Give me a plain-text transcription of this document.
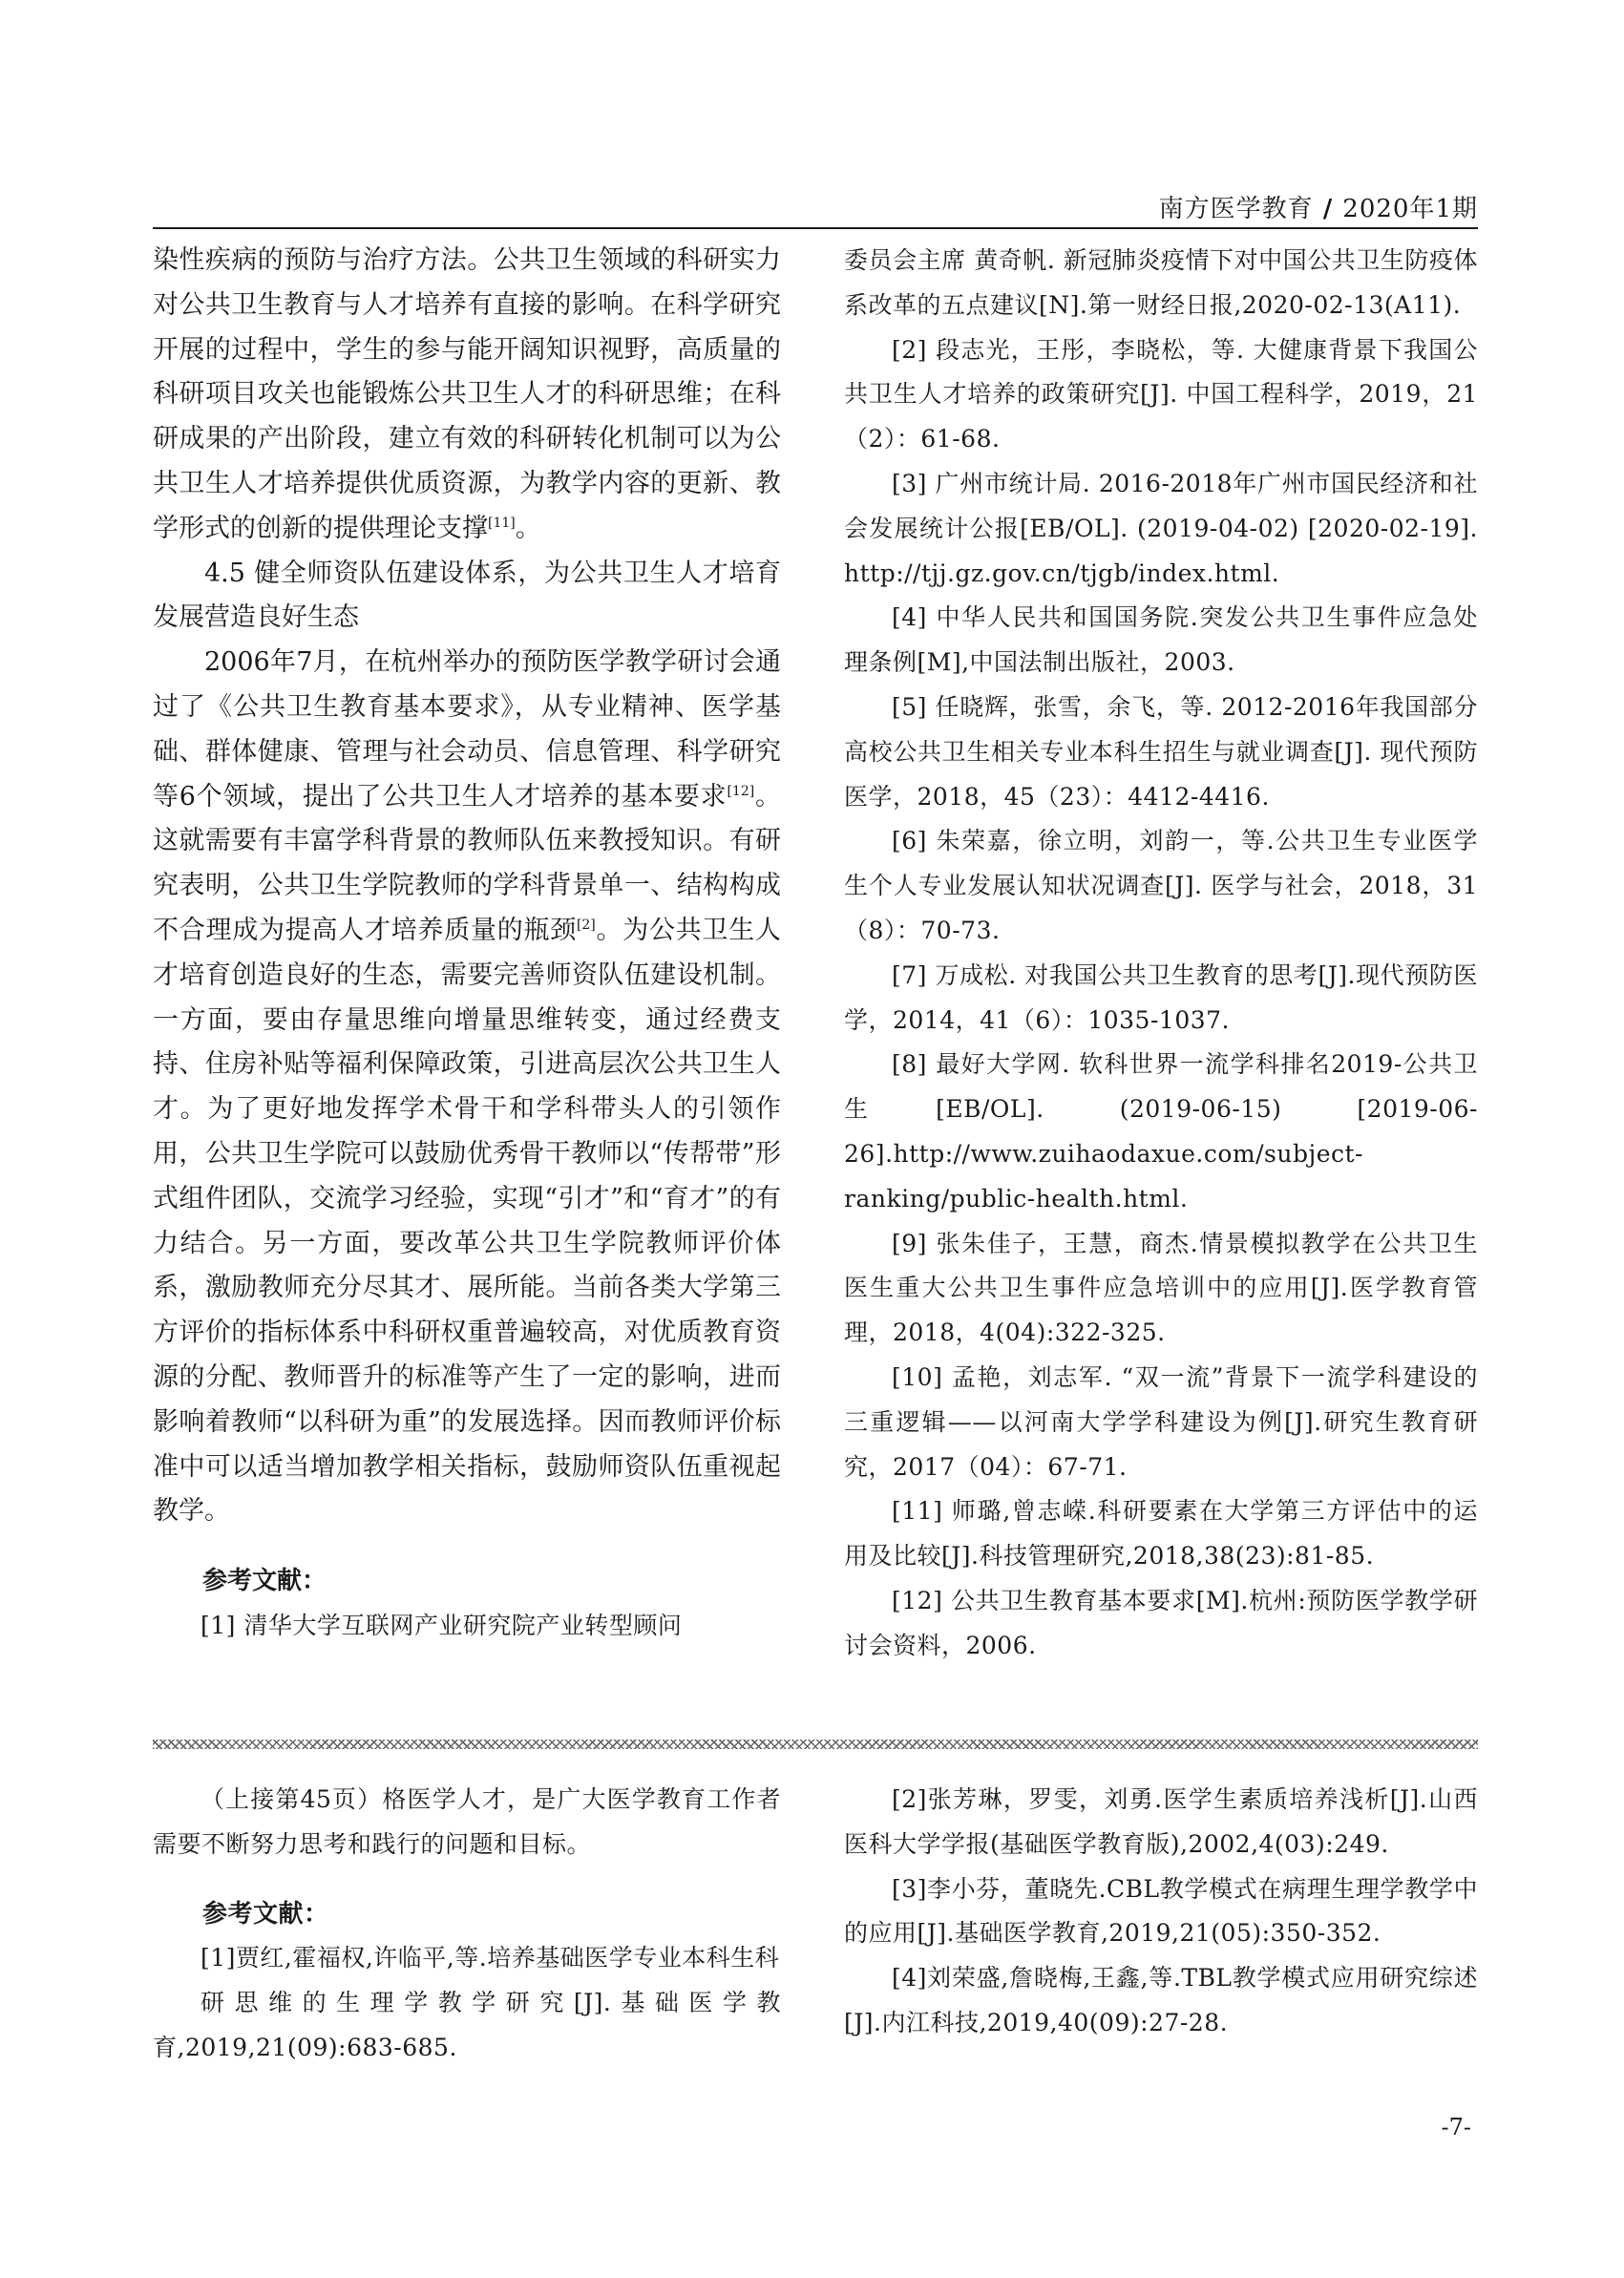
南方医学教育 / 2020年1期

染性疾病的预防与治疗方法。公共卫生领域的科研实力对公共卫生教育与人才培养有直接的影响。在科学研究开展的过程中，学生的参与能开阔知识视野，高质量的科研项目攻关也能锻炼公共卫生人才的科研思维；在科研成果的产出阶段，建立有效的科研转化机制可以为公共卫生人才培养提供优质资源，为教学内容的更新、教学形式的创新的提供理论支撑[11]。

4.5 健全师资队伍建设体系，为公共卫生人才培育发展营造良好生态

2006年7月，在杭州举办的预防医学教学研讨会通过了《公共卫生教育基本要求》，从专业精神、医学基础、群体健康、管理与社会动员、信息管理、科学研究等6个领域，提出了公共卫生人才培养的基本要求[12]。这就需要有丰富学科背景的教师队伍来教授知识。有研究表明，公共卫生学院教师的学科背景单一、结构构成不合理成为提高人才培养质量的瓶颈[2]。为公共卫生人才培育创造良好的生态，需要完善师资队伍建设机制。一方面，要由存量思维向增量思维转变，通过经费支持、住房补贴等福利保障政策，引进高层次公共卫生人才。为了更好地发挥学术骨干和学科带头人的引领作用，公共卫生学院可以鼓励优秀骨干教师以“传帮带”形式组件团队，交流学习经验，实现“引才”和“育才”的有力结合。另一方面，要改革公共卫生学院教师评价体系，激励教师充分尽其才、展所能。当前各类大学第三方评价的指标体系中科研权重普遍较高，对优质教育资源的分配、教师晋升的标准等产生了一定的影响，进而影响着教师“以科研为重”的发展选择。因而教师评价标准中可以适当增加教学相关指标，鼓励师资队伍重视起教学。

参考文献：

[1] 清华大学互联网产业研究院产业转型顾问

委员会主席 黄奇帆. 新冠肺炎疫情下对中国公共卫生防疫体系改革的五点建议[N].第一财经日报,2020-02-13(A11).

[2] 段志光，王彤，李晓松，等. 大健康背景下我国公共卫生人才培养的政策研究[J]. 中国工程科学，2019，21（2）：61-68.

[3] 广州市统计局. 2016-2018年广州市国民经济和社会发展统计公报[EB/OL]. (2019-04-02) [2020-02-19]. http://tjj.gz.gov.cn/tjgb/index.html.

[4] 中华人民共和国国务院.突发公共卫生事件应急处理条例[M],中国法制出版社，2003.

[5] 任晓辉，张雪，余飞，等. 2012-2016年我国部分高校公共卫生相关专业本科生招生与就业调查[J]. 现代预防医学，2018，45（23）：4412-4416.

[6] 朱荣嘉，徐立明，刘韵一，等.公共卫生专业医学生个人专业发展认知状况调查[J]. 医学与社会，2018，31（8）：70-73.

[7] 万成松. 对我国公共卫生教育的思考[J].现代预防医学，2014，41（6）：1035-1037.

[8] 最好大学网. 软科世界一流学科排名2019-公共卫生[EB/OL]. (2019-06-15) [2019-06-26].http://www.zuihaodaxue.com/subject-ranking/public-health.html.

[9] 张朱佳子，王慧，商杰.情景模拟教学在公共卫生医生重大公共卫生事件应急培训中的应用[J].医学教育管理，2018，4(04):322-325.

[10] 孟艳，刘志军. “双一流”背景下一流学科建设的三重逻辑——以河南大学学科建设为例[J].研究生教育研究，2017（04）：67-71.

[11] 师璐,曾志嵘.科研要素在大学第三方评估中的运用及比较[J].科技管理研究,2018,38(23):81-85.

[12] 公共卫生教育基本要求[M].杭州:预防医学教学研讨会资料，2006.

（上接第45页）格医学人才，是广大医学教育工作者需要不断努力思考和践行的问题和目标。

参考文献：

[1]贾红,霍福权,许临平,等.培养基础医学专业本科生科

研思维的生理学教学研究[J].基础医学教育,2019,21(09):683-685.

[2]张芳琳，罗雯，刘勇.医学生素质培养浅析[J].山西医科大学学报(基础医学教育版),2002,4(03):249.

[3]李小芬，董晓先.CBL教学模式在病理生理学教学中的应用[J].基础医学教育,2019,21(05):350-352.

[4]刘荣盛,詹晓梅,王鑫,等.TBL教学模式应用研究综述[J].内江科技,2019,40(09):27-28.

-7-
